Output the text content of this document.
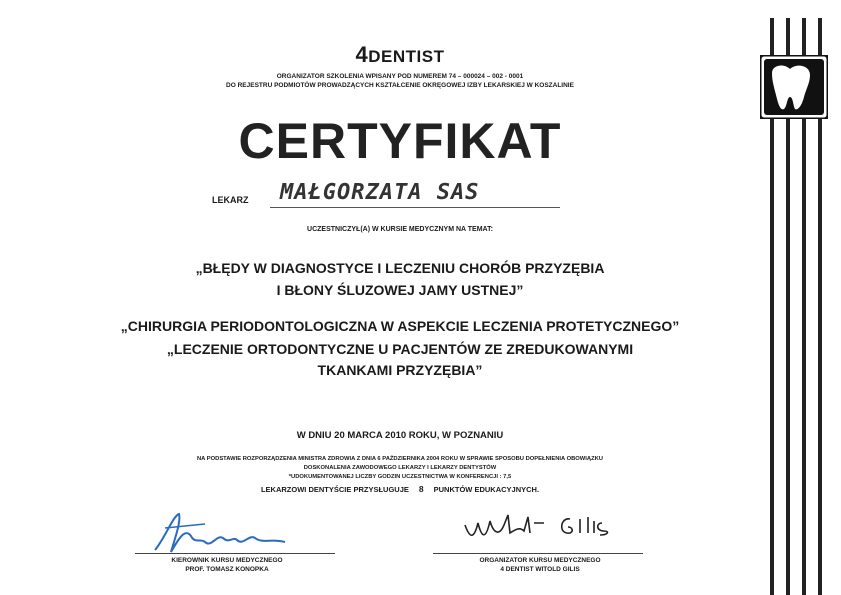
4DENTIST
ORGANIZATOR SZKOLENIA WPISANY POD NUMEREM 74 – 000024 – 002 - 0001
DO REJESTRU PODMIOTÓW PROWADZĄCYCH KSZTAŁCENIE OKRĘGOWEJ IZBY LEKARSKIEJ W KOSZALINIE
CERTYFIKAT
LEKARZ MAŁGORZATA SAS
UCZESTNICZYŁ(A) W KURSIE MEDYCZNYM NA TEMAT:
„BŁĘDY W DIAGNOSTYCE I LECZENIU CHORÓB PRZYZĘBIA
I BŁONY ŚLUZOWEJ JAMY USTNEJ”
„CHIRURGIA PERIODONTOLOGICZNA W ASPEKCIE LECZENIA PROTETYCZNEGO”
„LECZENIE ORTODONTYCZNE U PACJENTÓW ZE ZREDUKOWANYMI
TKANKAMI PRZYZĘBIA”
W DNIU 20 MARCA 2010 ROKU, W POZNANIU
NA PODSTAWIE ROZPORZĄDZENIA MINISTRA ZDROWIA Z DNIA 6 PAŹDZIERNIKA 2004 ROKU W SPRAWIE SPOSOBU DOPEŁNIENIA OBOWIĄZKU
DOSKONALENIA ZAWODOWEGO LEKARZY I LEKARZY DENTYSTÓW
*UDOKUMENTOWANEJ LICZBY GODZIN UCZESTNICTWA W KONFERENCJI : 7,5
LEKARZOWI DENTYŚCIE PRZYSŁUGUJE 8 PUNKTÓW EDUKACYJNYCH.
KIEROWNIK KURSU MEDYCZNEGO
PROF. TOMASZ KONOPKA
ORGANIZATOR KURSU MEDYCZNEGO
4 DENTIST WITOLD GILIS
